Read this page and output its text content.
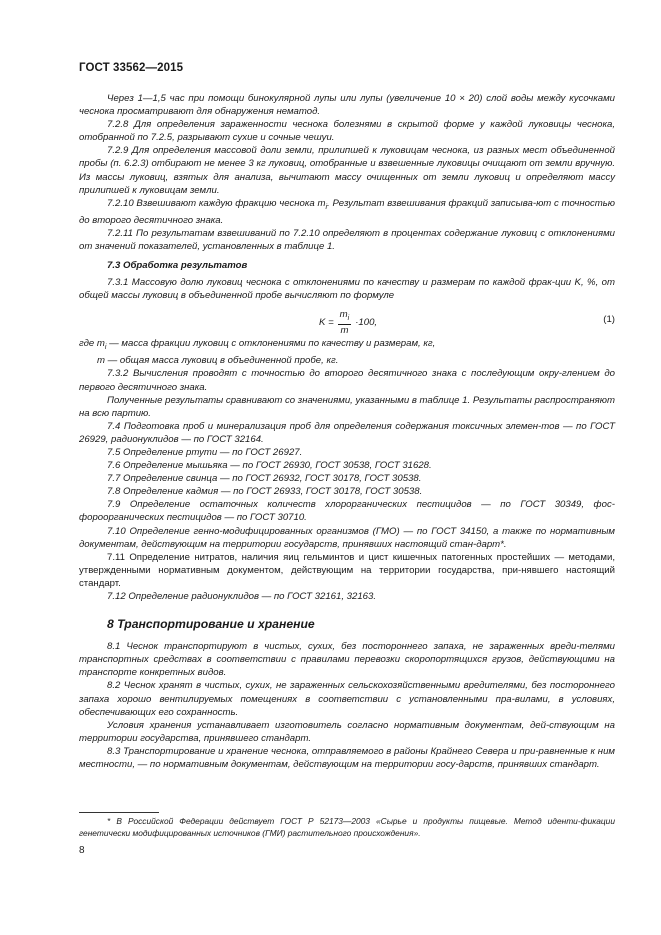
ГОСТ 33562—2015

Через 1—1,5 час при помощи бинокулярной лупы или лупы (увеличение 10 × 20) слой воды между кусочками чеснока просматривают для обнаружения нематод.

7.2.8 Для определения зараженности чеснока болезнями в скрытой форме у каждой луковицы чеснока, отобранной по 7.2.5, разрывают сухие и сочные чешуи.

7.2.9 Для определения массовой доли земли, прилипшей к луковицам чеснока, из разных мест объединенной пробы (п. 6.2.3) отбирают не менее 3 кг луковиц, отобранные и взвешенные луковицы очищают от земли вручную. Из массы луковиц, взятых для анализа, вычитают массу очищенных от земли луковиц и определяют массу прилипшей к луковицам земли.

7.2.10 Взвешивают каждую фракцию чеснока $m_i$. Результат взвешивания фракций записыва-ют с точностью до второго десятичного знака.

7.2.11 По результатам взвешиваний по 7.2.10 определяют в процентах содержание луковиц с отклонениями от значений показателей, установленных в таблице 1.

7.3 Обработка результатов

7.3.1 Массовую долю луковиц чеснока с отклонениями по качеству и размерам по каждой фрак-ции K, %, от общей массы луковиц в объединенной пробе вычисляют по формуле

$K = \frac{m_i}{m} \cdot 100$,	(1)

где $m_i$ — масса фракции луковиц с отклонениями по качеству и размерам, кг,

m — общая масса луковиц в объединенной пробе, кг.

7.3.2 Вычисления проводят с точностью до второго десятичного знака с последующим окру-глением до первого десятичного знака.

Полученные результаты сравнивают со значениями, указанными в таблице 1. Результаты распространяют на всю партию.

7.4 Подготовка проб и минерализация проб для определения содержания токсичных элемен-тов — по ГОСТ 26929, радионуклидов — по ГОСТ 32164.

7.5 Определение ртути — по ГОСТ 26927.

7.6 Определение мышьяка — по ГОСТ 26930, ГОСТ 30538, ГОСТ 31628.

7.7 Определение свинца — по ГОСТ 26932, ГОСТ 30178, ГОСТ 30538.

7.8 Определение кадмия — по ГОСТ 26933, ГОСТ 30178, ГОСТ 30538.

7.9 Определение остаточных количеств хлорорганических пестицидов — по ГОСТ 30349, фос-фороорганических пестицидов — по ГОСТ 30710.

7.10 Определение генно-модифицированных организмов (ГМО) — по ГОСТ 34150, а также по нормативным документам, действующим на территории государств, принявших настоящий стан-дарт*.

7.11 Определение нитратов, наличия яиц гельминтов и цист кишечных патогенных простейших — методами, утвержденными нормативным документом, действующим на территории государства, при-нявшего настоящий стандарт.

7.12 Определение радионуклидов — по ГОСТ 32161, 32163.

8 Транспортирование и хранение

8.1 Чеснок транспортируют в чистых, сухих, без постороннего запаха, не зараженных вреди-телями транспортных средствах в соответствии с правилами перевозки скоропортящихся грузов, действующими на транспорте конкретных видов.

8.2 Чеснок хранят в чистых, сухих, не зараженных сельскохозяйственными вредителями, без постороннего запаха хорошо вентилируемых помещениях в соответствии с установленными пра-вилами, в условиях, обеспечивающих его сохранность.

Условия хранения устанавливает изготовитель согласно нормативным документам, дей-ствующим на территории государства, принявшего стандарт.

8.3 Транспортирование и хранение чеснока, отправляемого в районы Крайнего Севера и при-равненные к ним местности, — по нормативным документам, действующим на территории госу-дарств, принявших стандарт.

* В Российской Федерации действует ГОСТ Р 52173—2003 «Сырье и продукты пищевые. Метод иденти-фикации генетически модифицированных источников (ГМИ) растительного происхождения».
8
